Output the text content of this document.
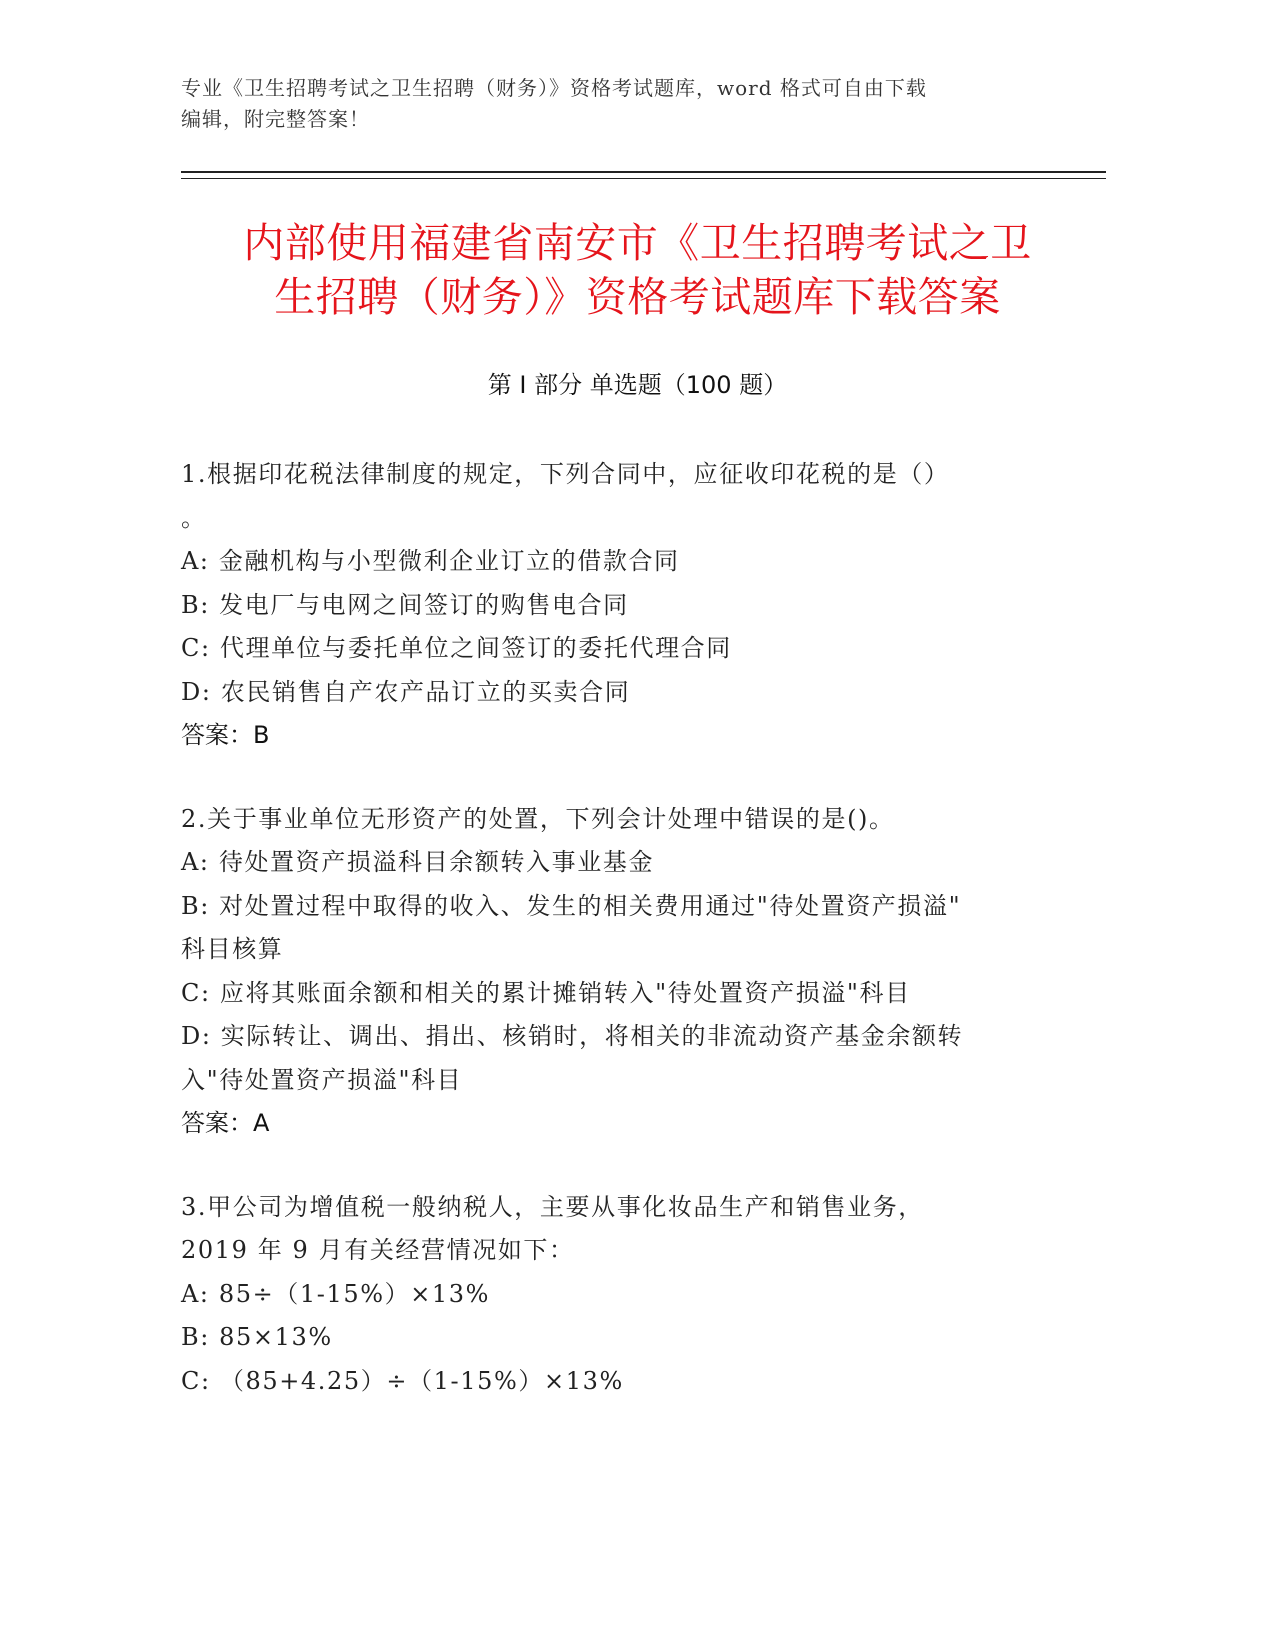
专业《卫生招聘考试之卫生招聘（财务）》资格考试题库，word 格式可自由下载
编辑，附完整答案！
内部使用福建省南安市《卫生招聘考试之卫
生招聘（财务）》资格考试题库下载答案
第 I 部分 单选题（100 题）
1.根据印花税法律制度的规定，下列合同中，应征收印花税的是（）
。
A: 金融机构与小型微利企业订立的借款合同
B: 发电厂与电网之间签订的购售电合同
C: 代理单位与委托单位之间签订的委托代理合同
D: 农民销售自产农产品订立的买卖合同
答案：B
2.关于事业单位无形资产的处置，下列会计处理中错误的是()。
A: 待处置资产损溢科目余额转入事业基金
B: 对处置过程中取得的收入、发生的相关费用通过"待处置资产损溢"
科目核算
C: 应将其账面余额和相关的累计摊销转入"待处置资产损溢"科目
D: 实际转让、调出、捐出、核销时，将相关的非流动资产基金余额转
入"待处置资产损溢"科目
答案：A
3.甲公司为增值税一般纳税人，主要从事化妆品生产和销售业务，
2019 年 9 月有关经营情况如下：
A: 85÷（1-15%）×13%
B: 85×13%
C: （85+4.25）÷（1-15%）×13%
